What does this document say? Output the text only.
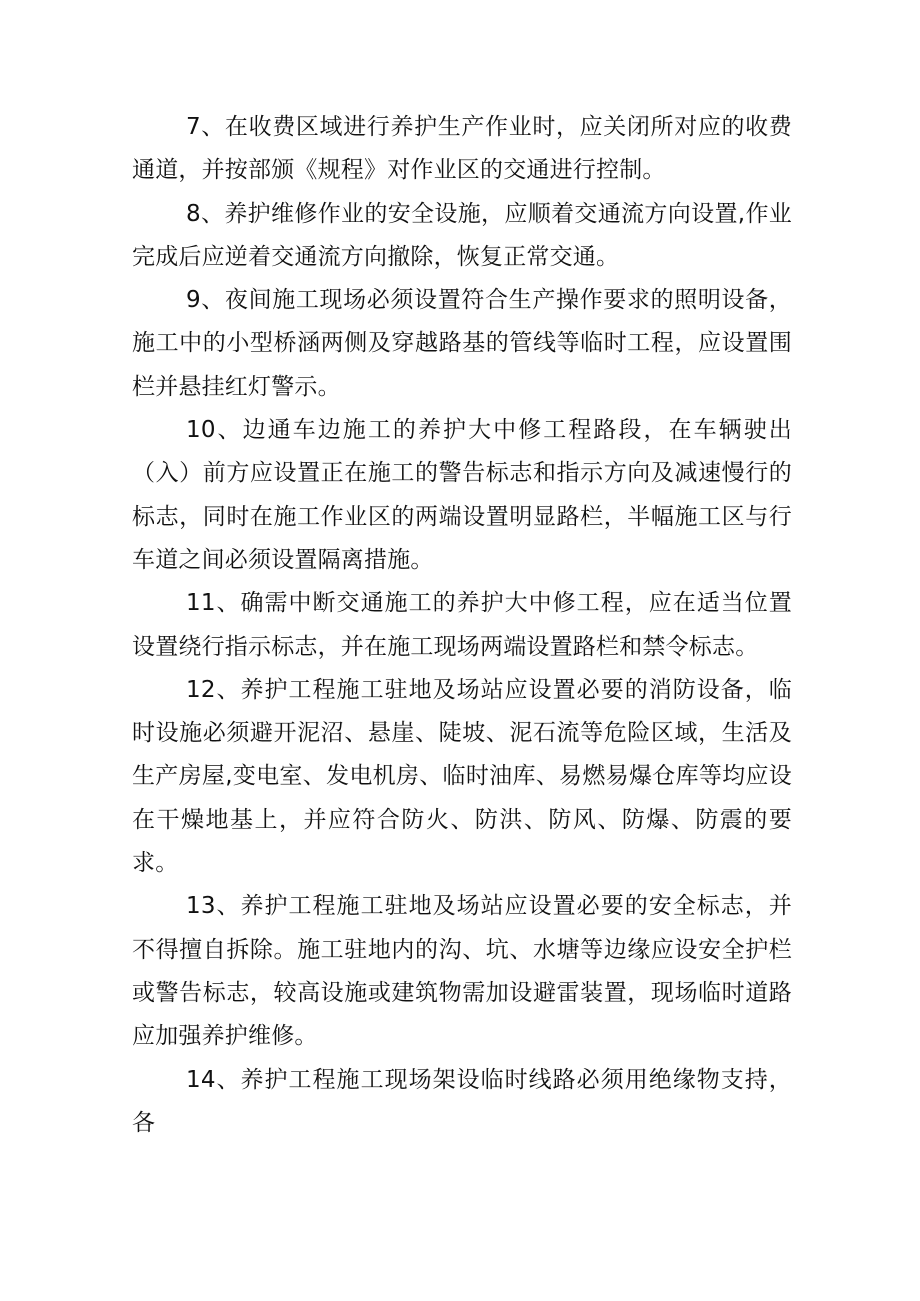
7、在收费区域进行养护生产作业时，应关闭所对应的收费通道，并按部颁《规程》对作业区的交通进行控制。

8、养护维修作业的安全设施，应顺着交通流方向设置,作业完成后应逆着交通流方向撤除，恢复正常交通。

9、夜间施工现场必须设置符合生产操作要求的照明设备，施工中的小型桥涵两侧及穿越路基的管线等临时工程，应设置围栏并悬挂红灯警示。

10、边通车边施工的养护大中修工程路段，在车辆驶出（入）前方应设置正在施工的警告标志和指示方向及减速慢行的标志，同时在施工作业区的两端设置明显路栏，半幅施工区与行车道之间必须设置隔离措施。

11、确需中断交通施工的养护大中修工程，应在适当位置设置绕行指示标志，并在施工现场两端设置路栏和禁令标志。

12、养护工程施工驻地及场站应设置必要的消防设备，临时设施必须避开泥沼、悬崖、陡坡、泥石流等危险区域，生活及生产房屋,变电室、发电机房、临时油库、易燃易爆仓库等均应设在干燥地基上，并应符合防火、防洪、防风、防爆、防震的要求。

13、养护工程施工驻地及场站应设置必要的安全标志，并不得擅自拆除。施工驻地内的沟、坑、水塘等边缘应设安全护栏或警告标志，较高设施或建筑物需加设避雷装置，现场临时道路应加强养护维修。

14、养护工程施工现场架设临时线路必须用绝缘物支持，各
